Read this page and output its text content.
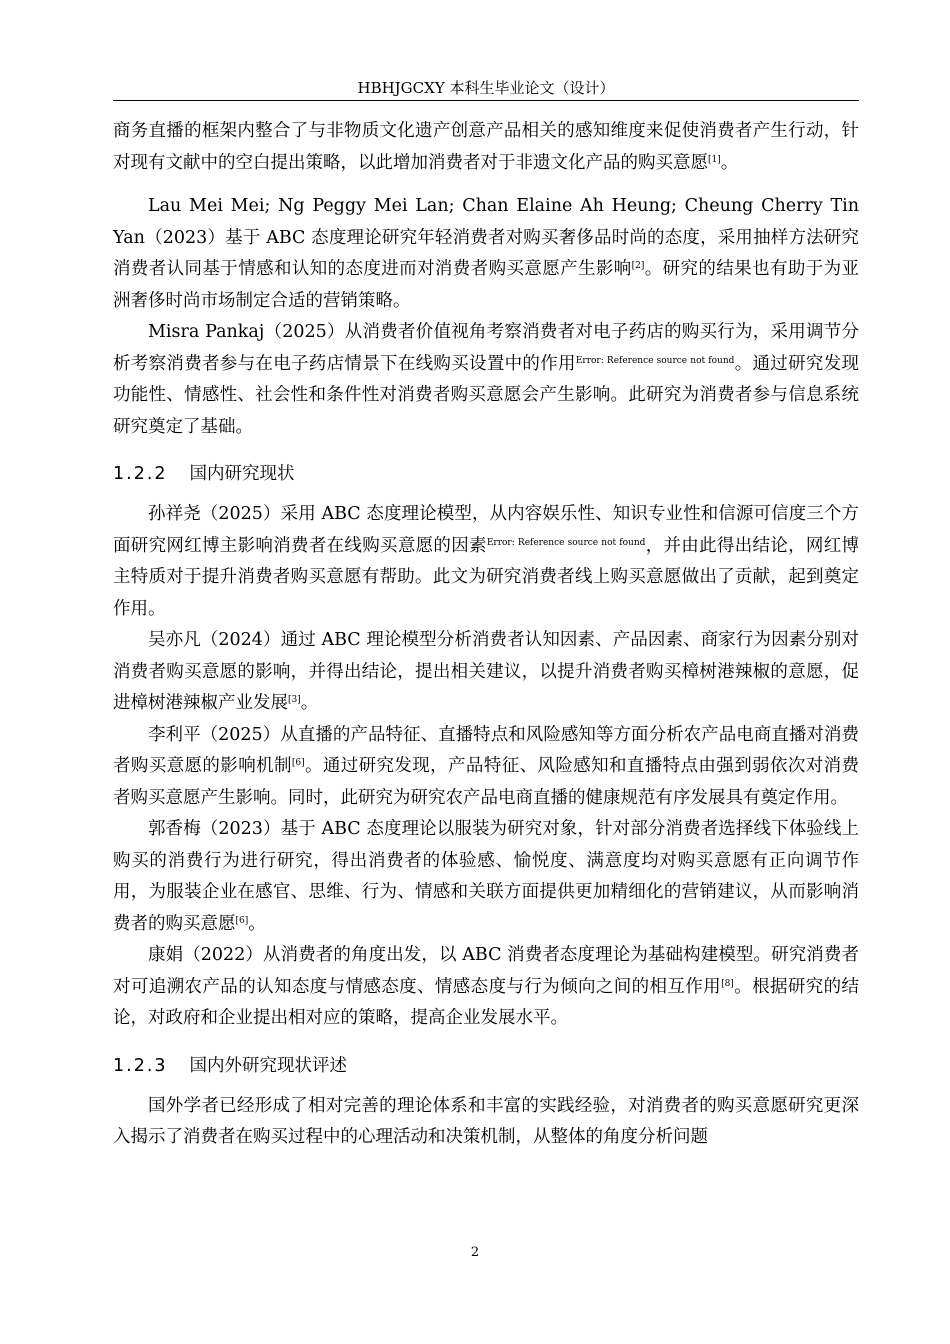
HBHJGCXY 本科生毕业论文（设计）

商务直播的框架内整合了与非物质文化遗产创意产品相关的感知维度来促使消费者产生行动，针对现有文献中的空白提出策略，以此增加消费者对于非遗文化产品的购买意愿[1]。

Lau Mei Mei; Ng Peggy Mei Lan; Chan Elaine Ah Heung; Cheung Cherry Tin Yan（2023）基于 ABC 态度理论研究年轻消费者对购买奢侈品时尚的态度，采用抽样方法研究消费者认同基于情感和认知的态度进而对消费者购买意愿产生影响[2]。研究的结果也有助于为亚洲奢侈时尚市场制定合适的营销策略。

Misra Pankaj（2025）从消费者价值视角考察消费者对电子药店的购买行为，采用调节分析考察消费者参与在电子药店情景下在线购买设置中的作用$^{Error: Reference source not found}$。通过研究发现功能性、情感性、社会性和条件性对消费者购买意愿会产生影响。此研究为消费者参与信息系统研究奠定了基础。

1.2.2 国内研究现状

孙祥尧（2025）采用 ABC 态度理论模型，从内容娱乐性、知识专业性和信源可信度三个方面研究网红博主影响消费者在线购买意愿的因素$^{Error: Reference source not found}$，并由此得出结论，网红博主特质对于提升消费者购买意愿有帮助。此文为研究消费者线上购买意愿做出了贡献，起到奠定作用。

吴亦凡（2024）通过 ABC 理论模型分析消费者认知因素、产品因素、商家行为因素分别对消费者购买意愿的影响，并得出结论，提出相关建议，以提升消费者购买樟树港辣椒的意愿，促进樟树港辣椒产业发展[3]。

李利平（2025）从直播的产品特征、直播特点和风险感知等方面分析农产品电商直播对消费者购买意愿的影响机制[6]。通过研究发现，产品特征、风险感知和直播特点由强到弱依次对消费者购买意愿产生影响。同时，此研究为研究农产品电商直播的健康规范有序发展具有奠定作用。

郭香梅（2023）基于 ABC 态度理论以服装为研究对象，针对部分消费者选择线下体验线上购买的消费行为进行研究，得出消费者的体验感、愉悦度、满意度均对购买意愿有正向调节作用，为服装企业在感官、思维、行为、情感和关联方面提供更加精细化的营销建议，从而影响消费者的购买意愿[6]。

康娟（2022）从消费者的角度出发，以 ABC 消费者态度理论为基础构建模型。研究消费者对可追溯农产品的认知态度与情感态度、情感态度与行为倾向之间的相互作用[8]。根据研究的结论，对政府和企业提出相对应的策略，提高企业发展水平。

1.2.3 国内外研究现状评述

国外学者已经形成了相对完善的理论体系和丰富的实践经验，对消费者的购买意愿研究更深入揭示了消费者在购买过程中的心理活动和决策机制，从整体的角度分析问题

2
